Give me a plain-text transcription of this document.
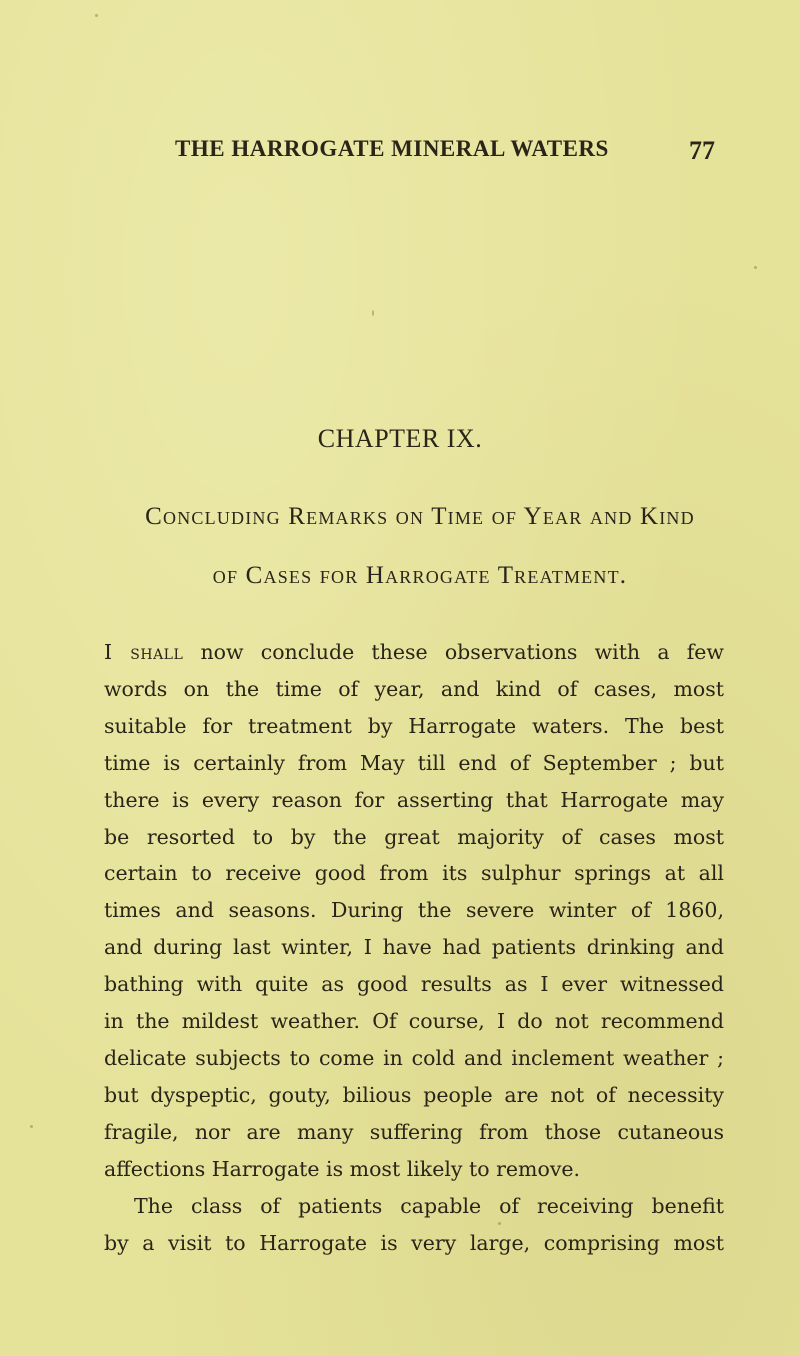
THE HARROGATE MINERAL WATERS	77
CHAPTER IX.
Concluding Remarks on Time of Year and Kind
of Cases for Harrogate Treatment.
I shall now conclude these observations with a few
words on the time of year, and kind of cases, most
suitable for treatment by Harrogate waters. The best
time is certainly from May till end of September ; but
there is every reason for asserting that Harrogate may
be resorted to by the great majority of cases most
certain to receive good from its sulphur springs at all
times and seasons. During the severe winter of 1860,
and during last winter, I have had patients drinking and
bathing with quite as good results as I ever witnessed
in the mildest weather. Of course, I do not recommend
delicate subjects to come in cold and inclement weather ;
but dyspeptic, gouty, bilious people are not of necessity
fragile, nor are many suffering from those cutaneous
affections Harrogate is most likely to remove.
The class of patients capable of receiving benefit
by a visit to Harrogate is very large, comprising most
